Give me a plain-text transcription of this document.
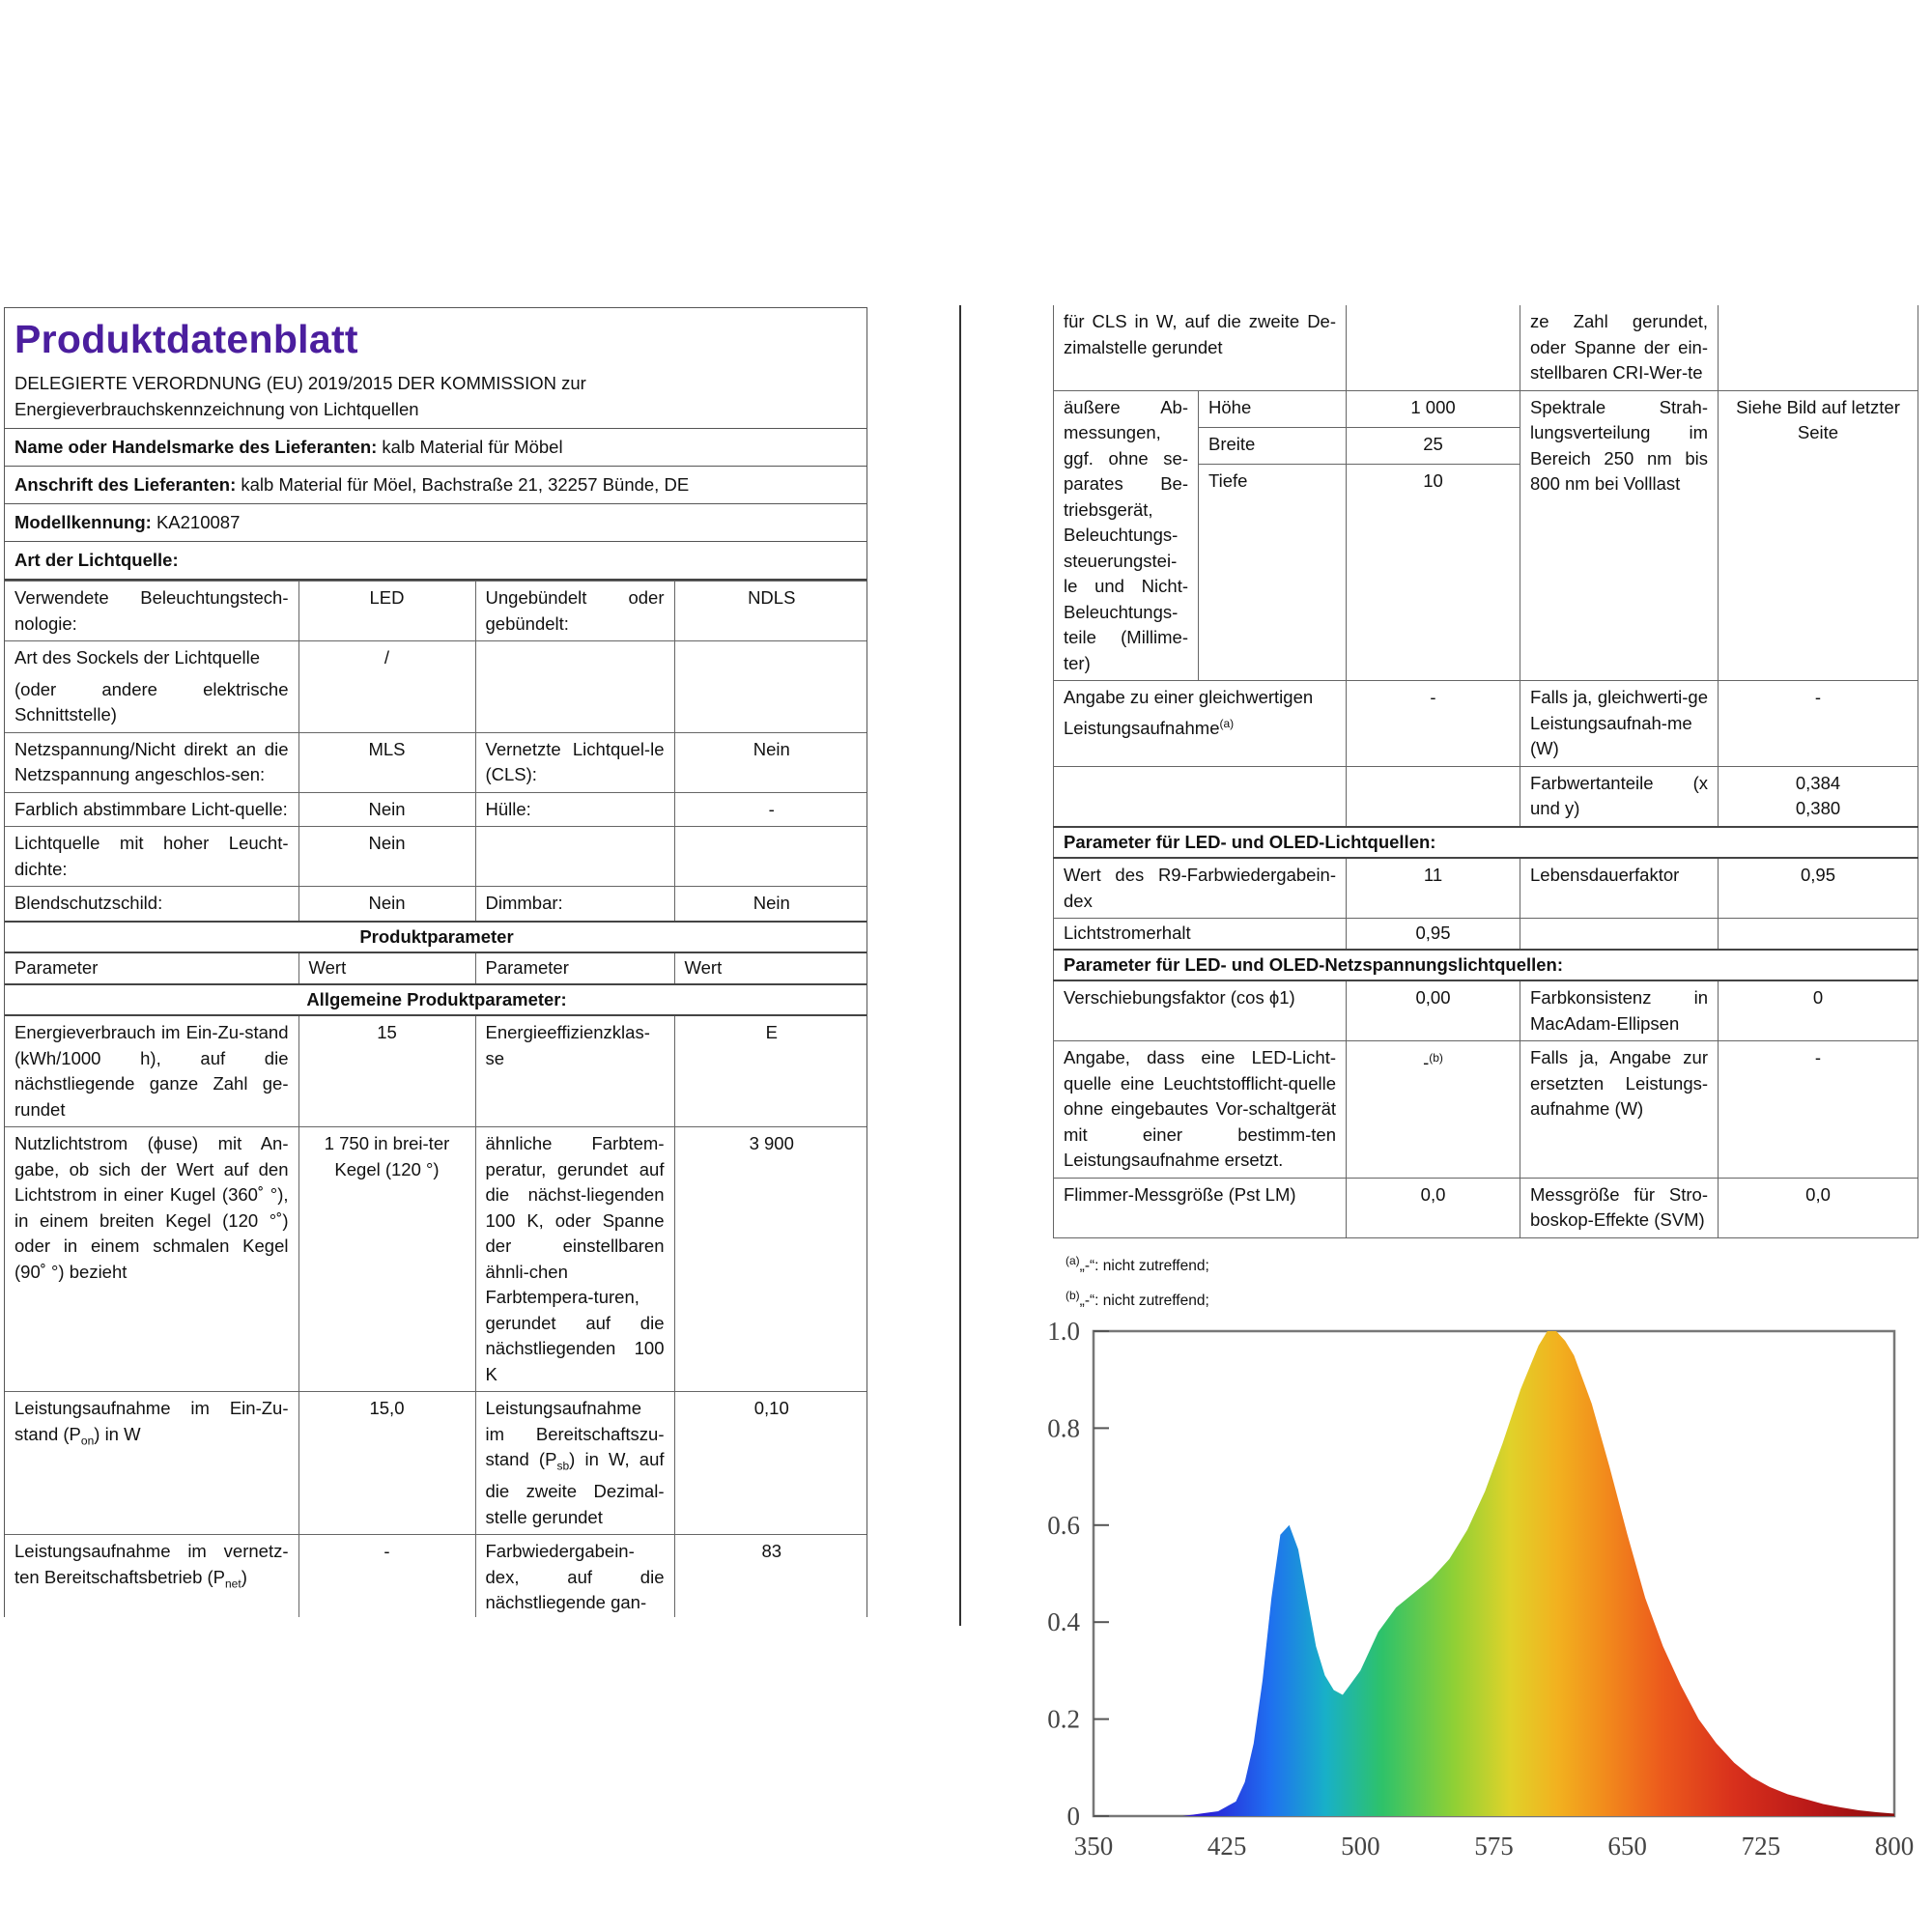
Produktdatenblatt
DELEGIERTE VERORDNUNG (EU) 2019/2015 DER KOMMISSION zur
Energieverbrauchskennzeichnung von Lichtquellen
Name oder Handelsmarke des Lieferanten: kalb Material für Möbel
Anschrift des Lieferanten: kalb Material für Möel, Bachstraße 21, 32257 Bünde, DE
Modellkennung: KA210087
Art der Lichtquelle:
Verwendete Beleuchtungstech-nologie:	LED	Ungebündelt oder gebündelt:	NDLS

Art des Sockels der Lichtquelle
(oder andere elektrische Schnittstelle)	/		
Netzspannung/Nicht direkt an die Netzspannung angeschlos-sen:	MLS	Vernetzte Lichtquel-le (CLS):	Nein
Farblich abstimmbare Licht-quelle:	Nein	Hülle:	-
Lichtquelle mit hoher Leucht-dichte:	Nein		
Blendschutzschild:	Nein	Dimmbar:	Nein
Produktparameter			
Parameter	Wert	Parameter	Wert
Allgemeine Produktparameter:			
Energieverbrauch im Ein-Zu-stand (kWh/1000 h), auf die nächstliegende ganze Zahl ge-rundet	15	Energieeffizienzklas-se	E
Nutzlichtstrom (ϕuse) mit An-gabe, ob sich der Wert auf den Lichtstrom in einer Kugel (360˚ °), in einem breiten Kegel (120 °˚) oder in einem schmalen Kegel (90˚ °) bezieht	1 750 in brei-ter Kegel (120 °)	ähnliche Farbtem-peratur, gerundet auf die nächst-liegenden 100 K, oder Spanne der einstellbaren ähnli-chen Farbtempera-turen, gerundet auf die nächstliegenden 100 K	3 900
Leistungsaufnahme im Ein-Zu-stand $(P_{on})$ in W	15,0	Leistungsaufnahme im Bereitschaftszu-stand $(P_{sb})$ in W, auf die zweite Dezimal-stelle gerundet	0,10
Leistungsaufnahme im vernetz-ten Bereitschaftsbetrieb $(P_{net})$	-	Farbwiedergabein-dex, auf die nächstliegende gan-	83
für CLS in W, auf die zweite De-zimalstelle gerundet			ze Zahl gerundet, oder Spanne der ein-stellbaren CRI-Wer-te	
äußere Ab-messungen, ggf. ohne se-parates Be-triebsgerät, Beleuchtungs-steuerungstei-le und Nicht-Beleuchtungs-teile (Millime-ter)	Höhe	1 000	Spektrale Strah-lungsverteilung im Bereich 250 nm bis 800 nm bei Volllast	Siehe Bild auf letzter Seite
	Breite	25		
	Tiefe	10		
Angabe zu einer gleichwertigen Leistungsaufnahme$^{(a)}$		-	Falls ja, gleichwerti-ge Leistungsaufnah-me (W)	-
			Farbwertanteile (x und y)	0,384
0,380

Parameter für LED- und OLED-Lichtquellen:				
Wert des R9-Farbwiedergabein-dex		11	Lebensdauerfaktor	0,95
Lichtstromerhalt		0,95		
Parameter für LED- und OLED-Netzspannungslichtquellen:				
Verschiebungsfaktor (cos ϕ1)		0,00	Farbkonsistenz in MacAdam-Ellipsen	0
Angabe, dass eine LED-Licht-quelle eine Leuchtstofflicht-quelle ohne eingebautes Vor-schaltgerät mit einer bestimm-ten Leistungsaufnahme ersetzt.		-$^{(b)}$	Falls ja, Angabe zur ersetzten Leistungs-aufnahme (W)	-
Flimmer-Messgröße (Pst LM)		0,0	Messgröße für Stro-boskop-Effekte (SVM)	0,0
$^{(a)}$„-“: nicht zutreffend;
$^{(b)}$„-“: nicht zutreffend;
0
0.2
0.4
0.6
0.8
1.0
350	425	500	575	650	725	800
